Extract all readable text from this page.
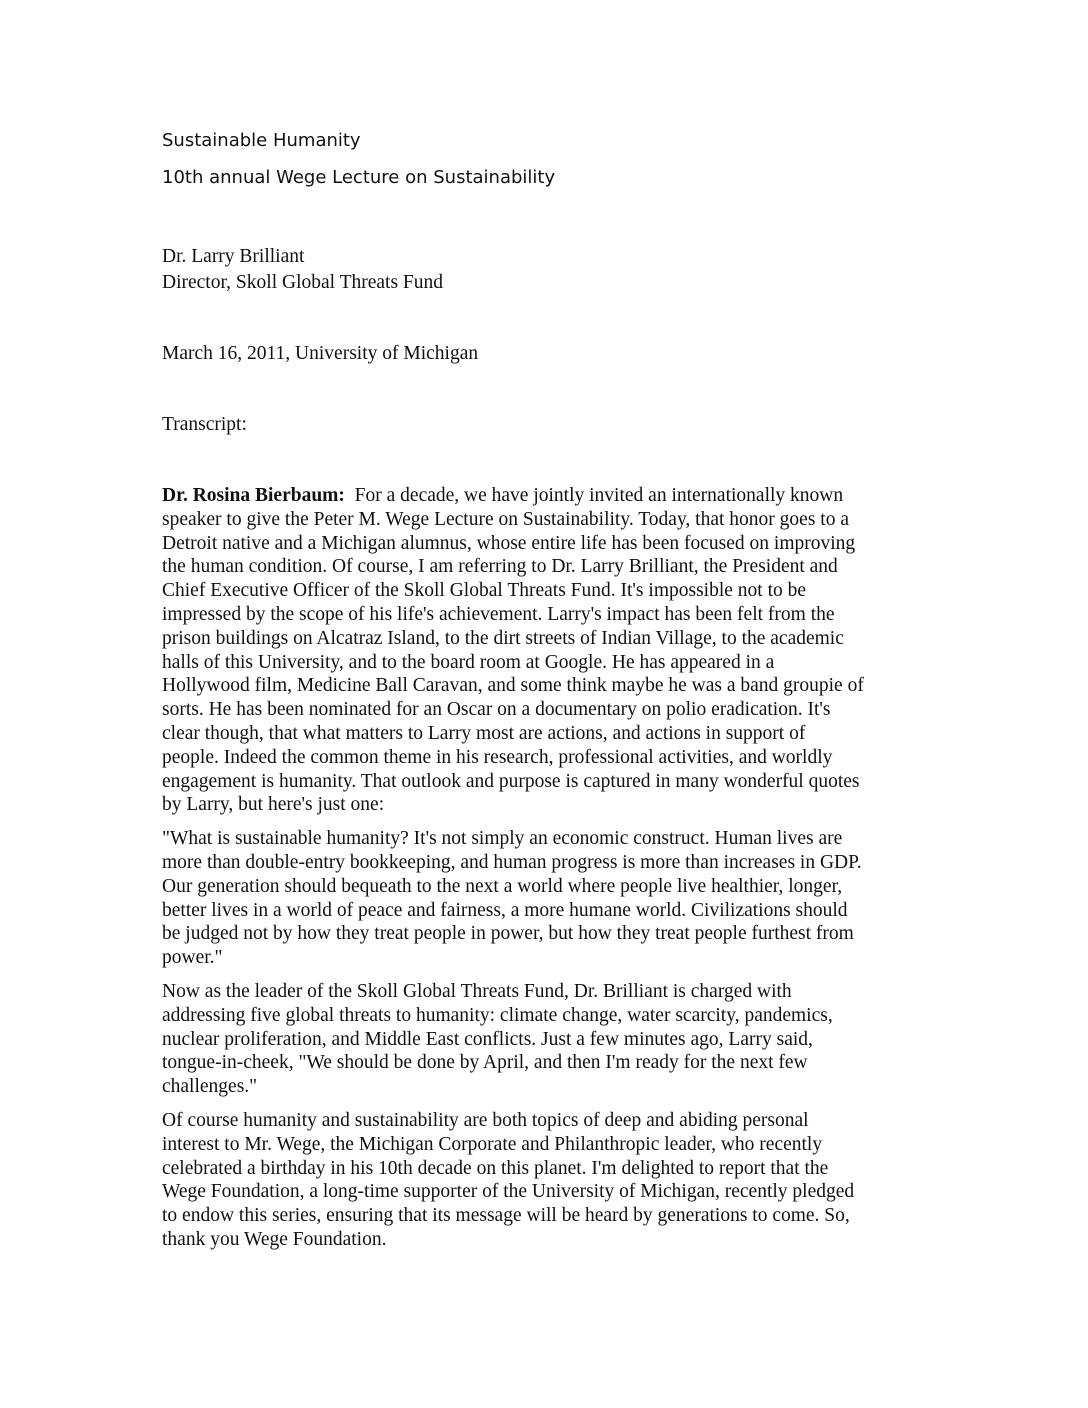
Sustainable Humanity
10th annual Wege Lecture on Sustainability
Dr. Larry Brilliant
Director, Skoll Global Threats Fund
March 16, 2011, University of Michigan
Transcript:

Dr. Rosina Bierbaum: For a decade, we have jointly invited an internationally known
speaker to give the Peter M. Wege Lecture on Sustainability. Today, that honor goes to a
Detroit native and a Michigan alumnus, whose entire life has been focused on improving
the human condition. Of course, I am referring to Dr. Larry Brilliant, the President and
Chief Executive Officer of the Skoll Global Threats Fund. It's impossible not to be
impressed by the scope of his life's achievement. Larry's impact has been felt from the
prison buildings on Alcatraz Island, to the dirt streets of Indian Village, to the academic
halls of this University, and to the board room at Google. He has appeared in a
Hollywood film, Medicine Ball Caravan, and some think maybe he was a band groupie of
sorts. He has been nominated for an Oscar on a documentary on polio eradication. It's
clear though, that what matters to Larry most are actions, and actions in support of
people. Indeed the common theme in his research, professional activities, and worldly
engagement is humanity. That outlook and purpose is captured in many wonderful quotes
by Larry, but here's just one:

"What is sustainable humanity? It's not simply an economic construct. Human lives are
more than double-entry bookkeeping, and human progress is more than increases in GDP.
Our generation should bequeath to the next a world where people live healthier, longer,
better lives in a world of peace and fairness, a more humane world. Civilizations should
be judged not by how they treat people in power, but how they treat people furthest from
power."

Now as the leader of the Skoll Global Threats Fund, Dr. Brilliant is charged with
addressing five global threats to humanity: climate change, water scarcity, pandemics,
nuclear proliferation, and Middle East conflicts. Just a few minutes ago, Larry said,
tongue-in-cheek, "We should be done by April, and then I'm ready for the next few
challenges."

Of course humanity and sustainability are both topics of deep and abiding personal
interest to Mr. Wege, the Michigan Corporate and Philanthropic leader, who recently
celebrated a birthday in his 10th decade on this planet. I'm delighted to report that the
Wege Foundation, a long-time supporter of the University of Michigan, recently pledged
to endow this series, ensuring that its message will be heard by generations to come. So,
thank you Wege Foundation.
